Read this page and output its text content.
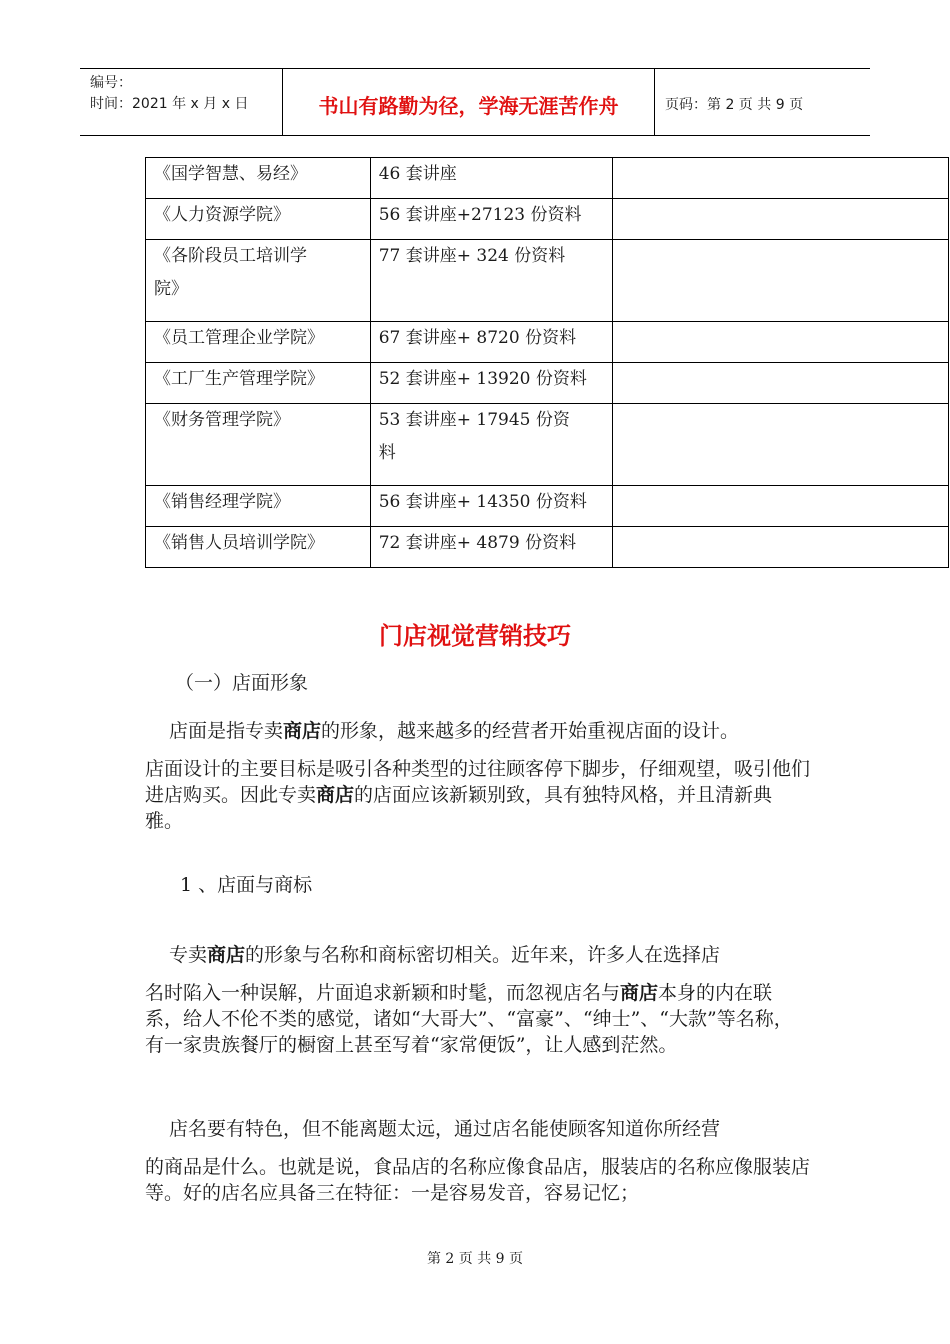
编号：
时间：2021 年 x 月 x 日	书山有路勤为径，学海无涯苦作舟	页码：第 2 页 共 9 页
《国学智慧、易经》	46 套讲座	

《人力资源学院》	56 套讲座+27123 份资料	

《各阶段员工培训学
院》	77 套讲座+ 324 份资料	

《员工管理企业学院》	67 套讲座+ 8720 份资料	

《工厂生产管理学院》	52 套讲座+ 13920 份资料	

《财务管理学院》	53 套讲座+ 17945 份资
料	

《销售经理学院》	56 套讲座+ 14350 份资料	

《销售人员培训学院》	72 套讲座+ 4879 份资料	

门店视觉营销技巧
（一）店面形象
店面是指专卖商店的形象，越来越多的经营者开始重视店面的设计。
店面设计的主要目标是吸引各种类型的过往顾客停下脚步，仔细观望，吸引他们进店购买。因此专卖商店的店面应该新颖别致，具有独特风格，并且清新典雅。
1 、店面与商标
专卖商店的形象与名称和商标密切相关。近年来，许多人在选择店
名时陷入一种误解，片面追求新颖和时髦，而忽视店名与商店本身的内在联系，给人不伦不类的感觉，诸如“大哥大”、“富豪”、“绅士”、“大款”等名称，有一家贵族餐厅的橱窗上甚至写着“家常便饭”，让人感到茫然。
店名要有特色，但不能离题太远，通过店名能使顾客知道你所经营
的商品是什么。也就是说，食品店的名称应像食品店，服装店的名称应像服装店等。好的店名应具备三在特征：一是容易发音，容易记忆；
第 2 页 共 9 页
